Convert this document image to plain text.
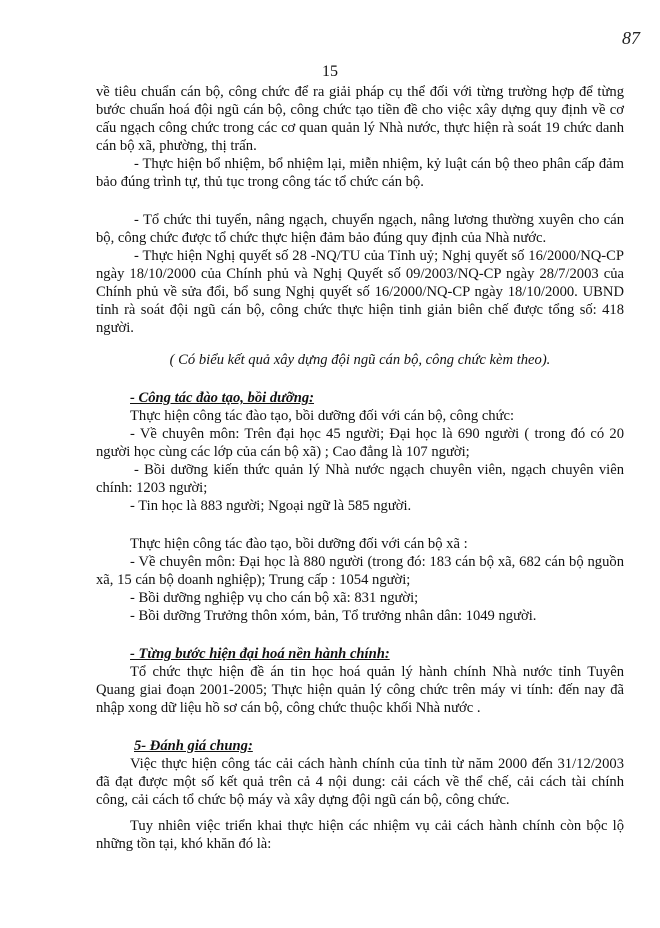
87
15

về tiêu chuẩn cán bộ, công chức để ra giải pháp cụ thể đối với từng trường hợp để từng bước chuẩn hoá đội ngũ cán bộ, công chức tạo tiền đề cho việc xây dựng quy định về cơ cấu ngạch công chức trong các cơ quan quản lý Nhà nước, thực hiện rà soát 19 chức danh cán bộ xã, phường, thị trấn.

- Thực hiện bổ nhiệm, bổ nhiệm lại, miễn nhiệm, kỷ luật cán bộ theo phân cấp đảm bảo đúng trình tự, thủ tục trong công tác tổ chức cán bộ.

- Tổ chức thi tuyển, nâng ngạch, chuyển ngạch, nâng lương thường xuyên cho cán bộ, công chức được tổ chức thực hiện đảm bảo đúng quy định của Nhà nước.

- Thực hiện Nghị quyết số 28 -NQ/TU của Tỉnh uỷ; Nghị quyết số 16/2000/NQ-CP ngày 18/10/2000 của Chính phủ và Nghị Quyết số 09/2003/NQ-CP ngày 28/7/2003 của Chính phủ về sửa đổi, bổ sung Nghị quyết số 16/2000/NQ-CP ngày 18/10/2000. UBND tỉnh rà soát đội ngũ cán bộ, công chức thực hiện tinh giản biên chế được tổng số: 418 người.

( Có biểu kết quả xây dựng đội ngũ cán bộ, công chức kèm theo).

- Công tác đào tạo, bồi dưỡng:

Thực hiện công tác đào tạo, bồi dưỡng đối với cán bộ, công chức:

- Về chuyên môn: Trên đại học 45 người; Đại học là 690 người ( trong đó có 20 người học cùng các lớp của cán bộ xã) ; Cao đẳng là 107 người;

- Bồi dưỡng kiến thức quản lý Nhà nước ngạch chuyên viên, ngạch chuyên viên chính: 1203 người;

- Tin học là 883 người; Ngoại ngữ là 585 người.

Thực hiện công tác đào tạo, bồi dưỡng đối với cán bộ xã :

- Về chuyên môn: Đại học là 880 người (trong đó: 183 cán bộ xã, 682 cán bộ nguồn xã, 15 cán bộ doanh nghiệp); Trung cấp : 1054 người;

- Bồi dưỡng nghiệp vụ cho cán bộ xã: 831 người;

- Bồi dưỡng Trưởng thôn xóm, bản, Tổ trưởng nhân dân: 1049 người.

- Từng bước hiện đại hoá nền hành chính:

Tổ chức thực hiện đề án tin học hoá quản lý hành chính Nhà nước tỉnh Tuyên Quang giai đoạn 2001-2005; Thực hiện quản lý công chức trên máy vi tính: đến nay đã nhập xong dữ liệu hồ sơ cán bộ, công chức thuộc khối Nhà nước .

5- Đánh giá chung:

Việc thực hiện công tác cải cách hành chính của tỉnh từ năm 2000 đến 31/12/2003 đã đạt được một số kết quả trên cả 4 nội dung: cải cách về thể chế, cải cách tài chính công, cải cách tổ chức bộ máy và xây dựng đội ngũ cán bộ, công chức.

Tuy nhiên việc triển khai thực hiện các nhiệm vụ cải cách hành chính còn bộc lộ những tồn tại, khó khăn đó là:
